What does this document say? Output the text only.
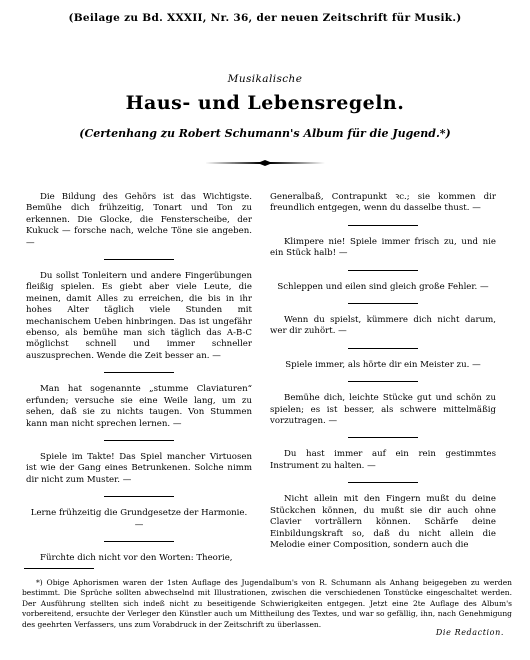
(Beilage zu Bd. XXXII, Nr. 36, der neuen Zeitschrift für Musik.)
Musikalische
Haus- und Lebensregeln.
(Certenhang zu Robert Schumann's Album für die Jugend.*)

Die Bildung des Gehörs ist das Wichtigste. Bemühe dich frühzeitig, Tonart und Ton zu erkennen. Die Glocke, die Fensterscheibe, der Kukuck — forsche nach, welche Töne sie angeben. —

Du sollst Tonleitern und andere Fingerübungen fleißig spielen. Es giebt aber viele Leute, die meinen, damit Alles zu erreichen, die bis in ihr hohes Alter täglich viele Stunden mit mechanischem Ueben hinbringen. Das ist ungefähr ebenso, als bemühe man sich täglich das A-B-C möglichst schnell und immer schneller auszusprechen. Wende die Zeit besser an. —

Man hat sogenannte „stumme Claviaturen“ erfunden; versuche sie eine Weile lang, um zu sehen, daß sie zu nichts taugen. Von Stummen kann man nicht sprechen lernen. —

Spiele im Takte! Das Spiel mancher Virtuosen ist wie der Gang eines Betrunkenen. Solche nimm dir nicht zum Muster. —

Lerne frühzeitig die Grundgesetze der Harmonie. —

Fürchte dich nicht vor den Worten: Theorie,

Generalbaß, Contrapunkt ꝛc.; sie kommen dir freundlich entgegen, wenn du dasselbe thust. —

Klimpere nie! Spiele immer frisch zu, und nie ein Stück halb! —

Schleppen und eilen sind gleich große Fehler. —

Wenn du spielst, kümmere dich nicht darum, wer dir zuhört. —

Spiele immer, als hörte dir ein Meister zu. —

Bemühe dich, leichte Stücke gut und schön zu spielen; es ist besser, als schwere mittelmäßig vorzutragen. —

Du hast immer auf ein rein gestimmtes Instrument zu halten. —

Nicht allein mit den Fingern mußt du deine Stückchen können, du mußt sie dir auch ohne Clavier vorträllern können. Schärfe deine Einbildungskraft so, daß du nicht allein die Melodie einer Composition, sondern auch die

*) Obige Aphorismen waren der 1sten Auflage des Jugendalbum's von R. Schumann als Anhang beigegeben zu werden bestimmt. Die Sprüche sollten abwechselnd mit Illustrationen, zwischen die verschiedenen Tonstücke eingeschaltet werden. Der Ausführung stellten sich indeß nicht zu beseitigende Schwierigkeiten entgegen. Jetzt eine 2te Auflage des Album's vorbereitend, ersuchte der Verleger den Künstler auch um Mittheilung des Textes, und war so gefällig, ihn, nach Genehmigung des geehrten Verfassers, uns zum Vorabdruck in der Zeitschrift zu überlassen.

Die Redaction.
